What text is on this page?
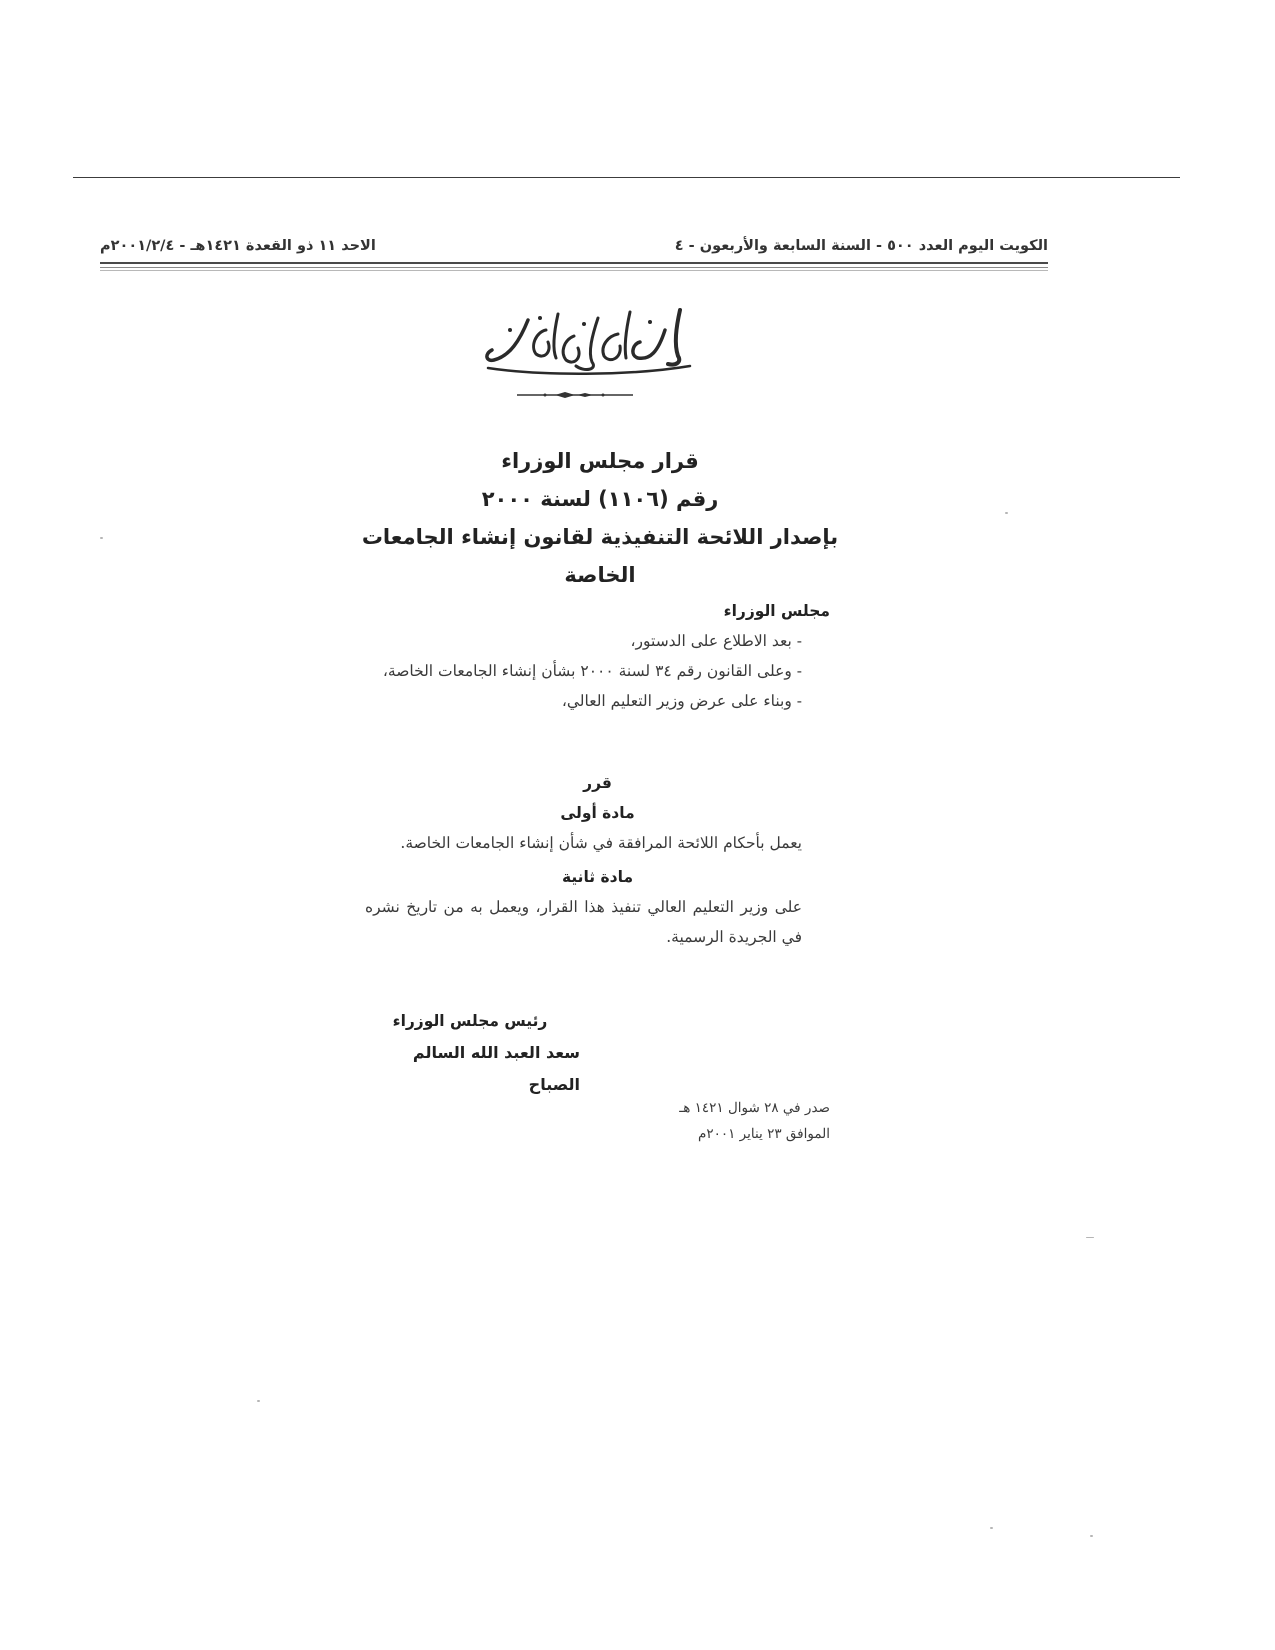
الكويت اليوم العدد ٥٠٠ - السنة السابعة والأربعون - ٤
الاحد ١١ ذو القعدة ١٤٢١هـ - ٢٠٠١/٢/٤م
قرار مجلس الوزراء
رقم (١١٠٦) لسنة ٢٠٠٠
بإصدار اللائحة التنفيذية لقانون إنشاء الجامعات
الخاصة
مجلس الوزراء
- بعد الاطلاع على الدستور،
- وعلى القانون رقم ٣٤ لسنة ٢٠٠٠ بشأن إنشاء الجامعات الخاصة،
- وبناء على عرض وزير التعليم العالي،
قرر
مادة أولى
يعمل بأحكام اللائحة المرافقة في شأن إنشاء الجامعات الخاصة.
مادة ثانية
على وزير التعليم العالي تنفيذ هذا القرار، ويعمل به من تاريخ نشره في الجريدة الرسمية.
رئيس مجلس الوزراء
سعد العبد الله السالم الصباح
صدر في ٢٨ شوال ١٤٢١ هـ
الموافق ٢٣ يناير ٢٠٠١م
